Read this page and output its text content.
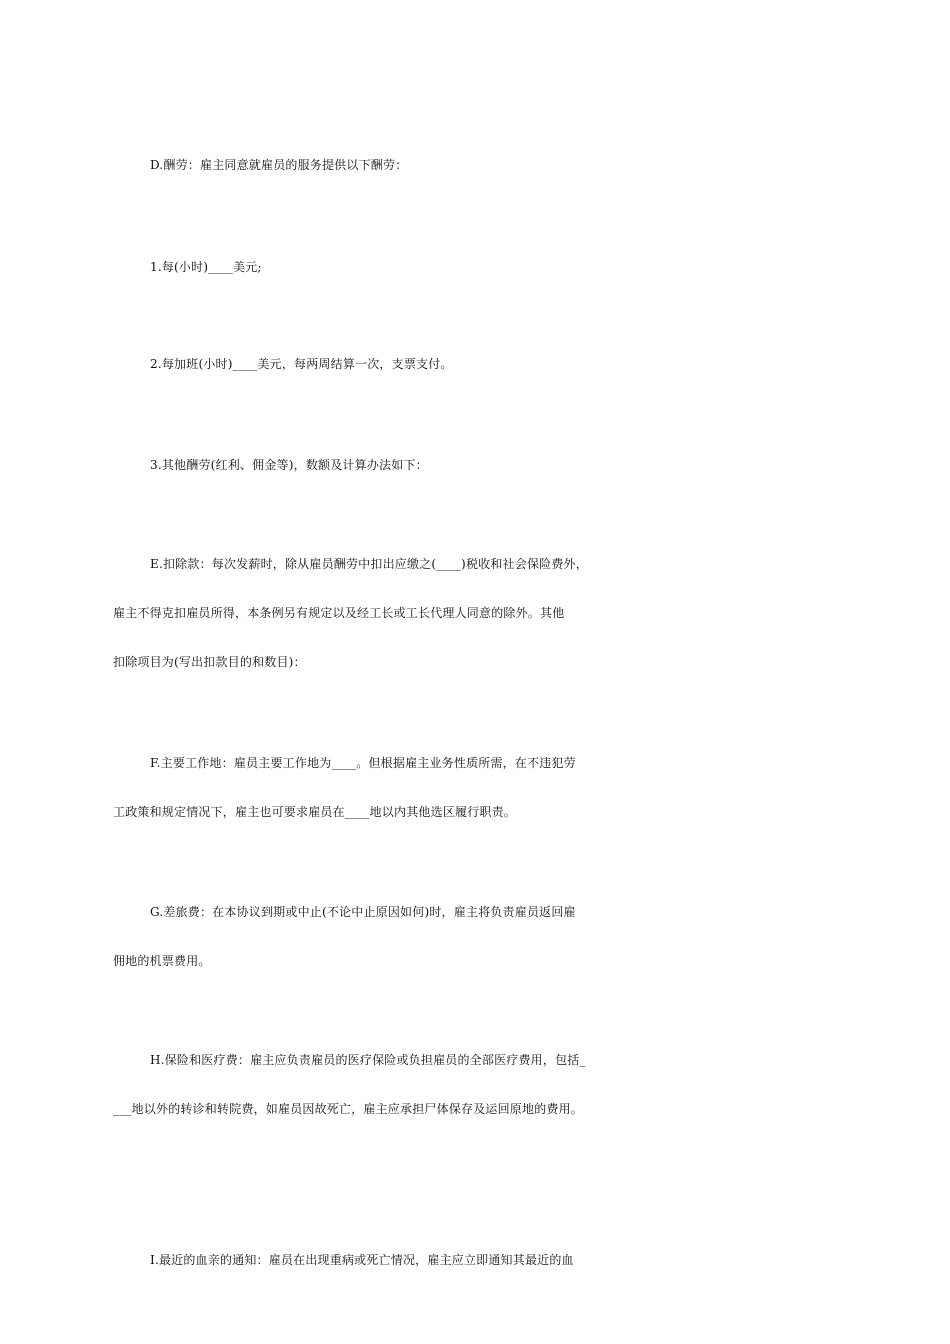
D.酬劳：雇主同意就雇员的服务提供以下酬劳：
1.每(小时)____美元;
2.每加班(小时)____美元，每两周结算一次，支票支付。
3.其他酬劳(红利、佣金等)，数额及计算办法如下：
E.扣除款：每次发薪时，除从雇员酬劳中扣出应缴之(____)税收和社会保险费外，
雇主不得克扣雇员所得，本条例另有规定以及经工长或工长代理人同意的除外。其他
扣除项目为(写出扣款目的和数目)：
F.主要工作地：雇员主要工作地为____。但根据雇主业务性质所需，在不违犯劳
工政策和规定情况下，雇主也可要求雇员在____地以内其他选区履行职责。
G.差旅费：在本协议到期或中止(不论中止原因如何)时，雇主将负责雇员返回雇
佣地的机票费用。
H.保险和医疗费：雇主应负责雇员的医疗保险或负担雇员的全部医疗费用，包括_
___地以外的转诊和转院费，如雇员因故死亡，雇主应承担尸体保存及运回原地的费用。
I.最近的血亲的通知：雇员在出现重病或死亡情况，雇主应立即通知其最近的血
